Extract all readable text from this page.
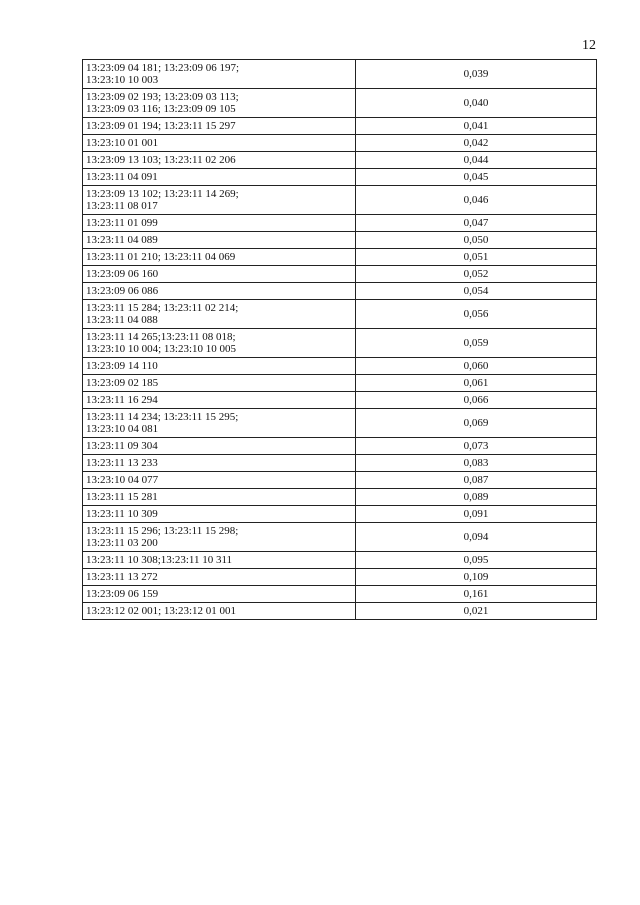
12
13:23:09 04 181; 13:23:09 06 197;
13:23:10 10 003	0,039
13:23:09 02 193; 13:23:09 03 113;
13:23:09 03 116; 13:23:09 09 105	0,040
13:23:09 01 194; 13:23:11 15 297	0,041
13:23:10 01 001	0,042
13:23:09 13 103; 13:23:11 02 206	0,044
13:23:11 04 091	0,045
13:23:09 13 102; 13:23:11 14 269;
13:23:11 08 017	0,046
13:23:11 01 099	0,047
13:23:11 04 089	0,050
13:23:11 01 210; 13:23:11 04 069	0,051
13:23:09 06 160	0,052
13:23:09 06 086	0,054
13:23:11 15 284; 13:23:11 02 214;
13:23:11 04 088	0,056
13:23:11 14 265;13:23:11 08 018;
13:23:10 10 004; 13:23:10 10 005	0,059
13:23:09 14 110	0,060
13:23:09 02 185	0,061
13:23:11 16 294	0,066
13:23:11 14 234; 13:23:11 15 295;
13:23:10 04 081	0,069
13:23:11 09 304	0,073
13:23:11 13 233	0,083
13:23:10 04 077	0,087
13:23:11 15 281	0,089
13:23:11 10 309	0,091
13:23:11 15 296; 13:23:11 15 298;
13:23:11 03 200	0,094
13:23:11 10 308;13:23:11 10 311	0,095
13:23:11 13 272	0,109
13:23:09 06 159	0,161
13:23:12 02 001; 13:23:12 01 001	0,021
